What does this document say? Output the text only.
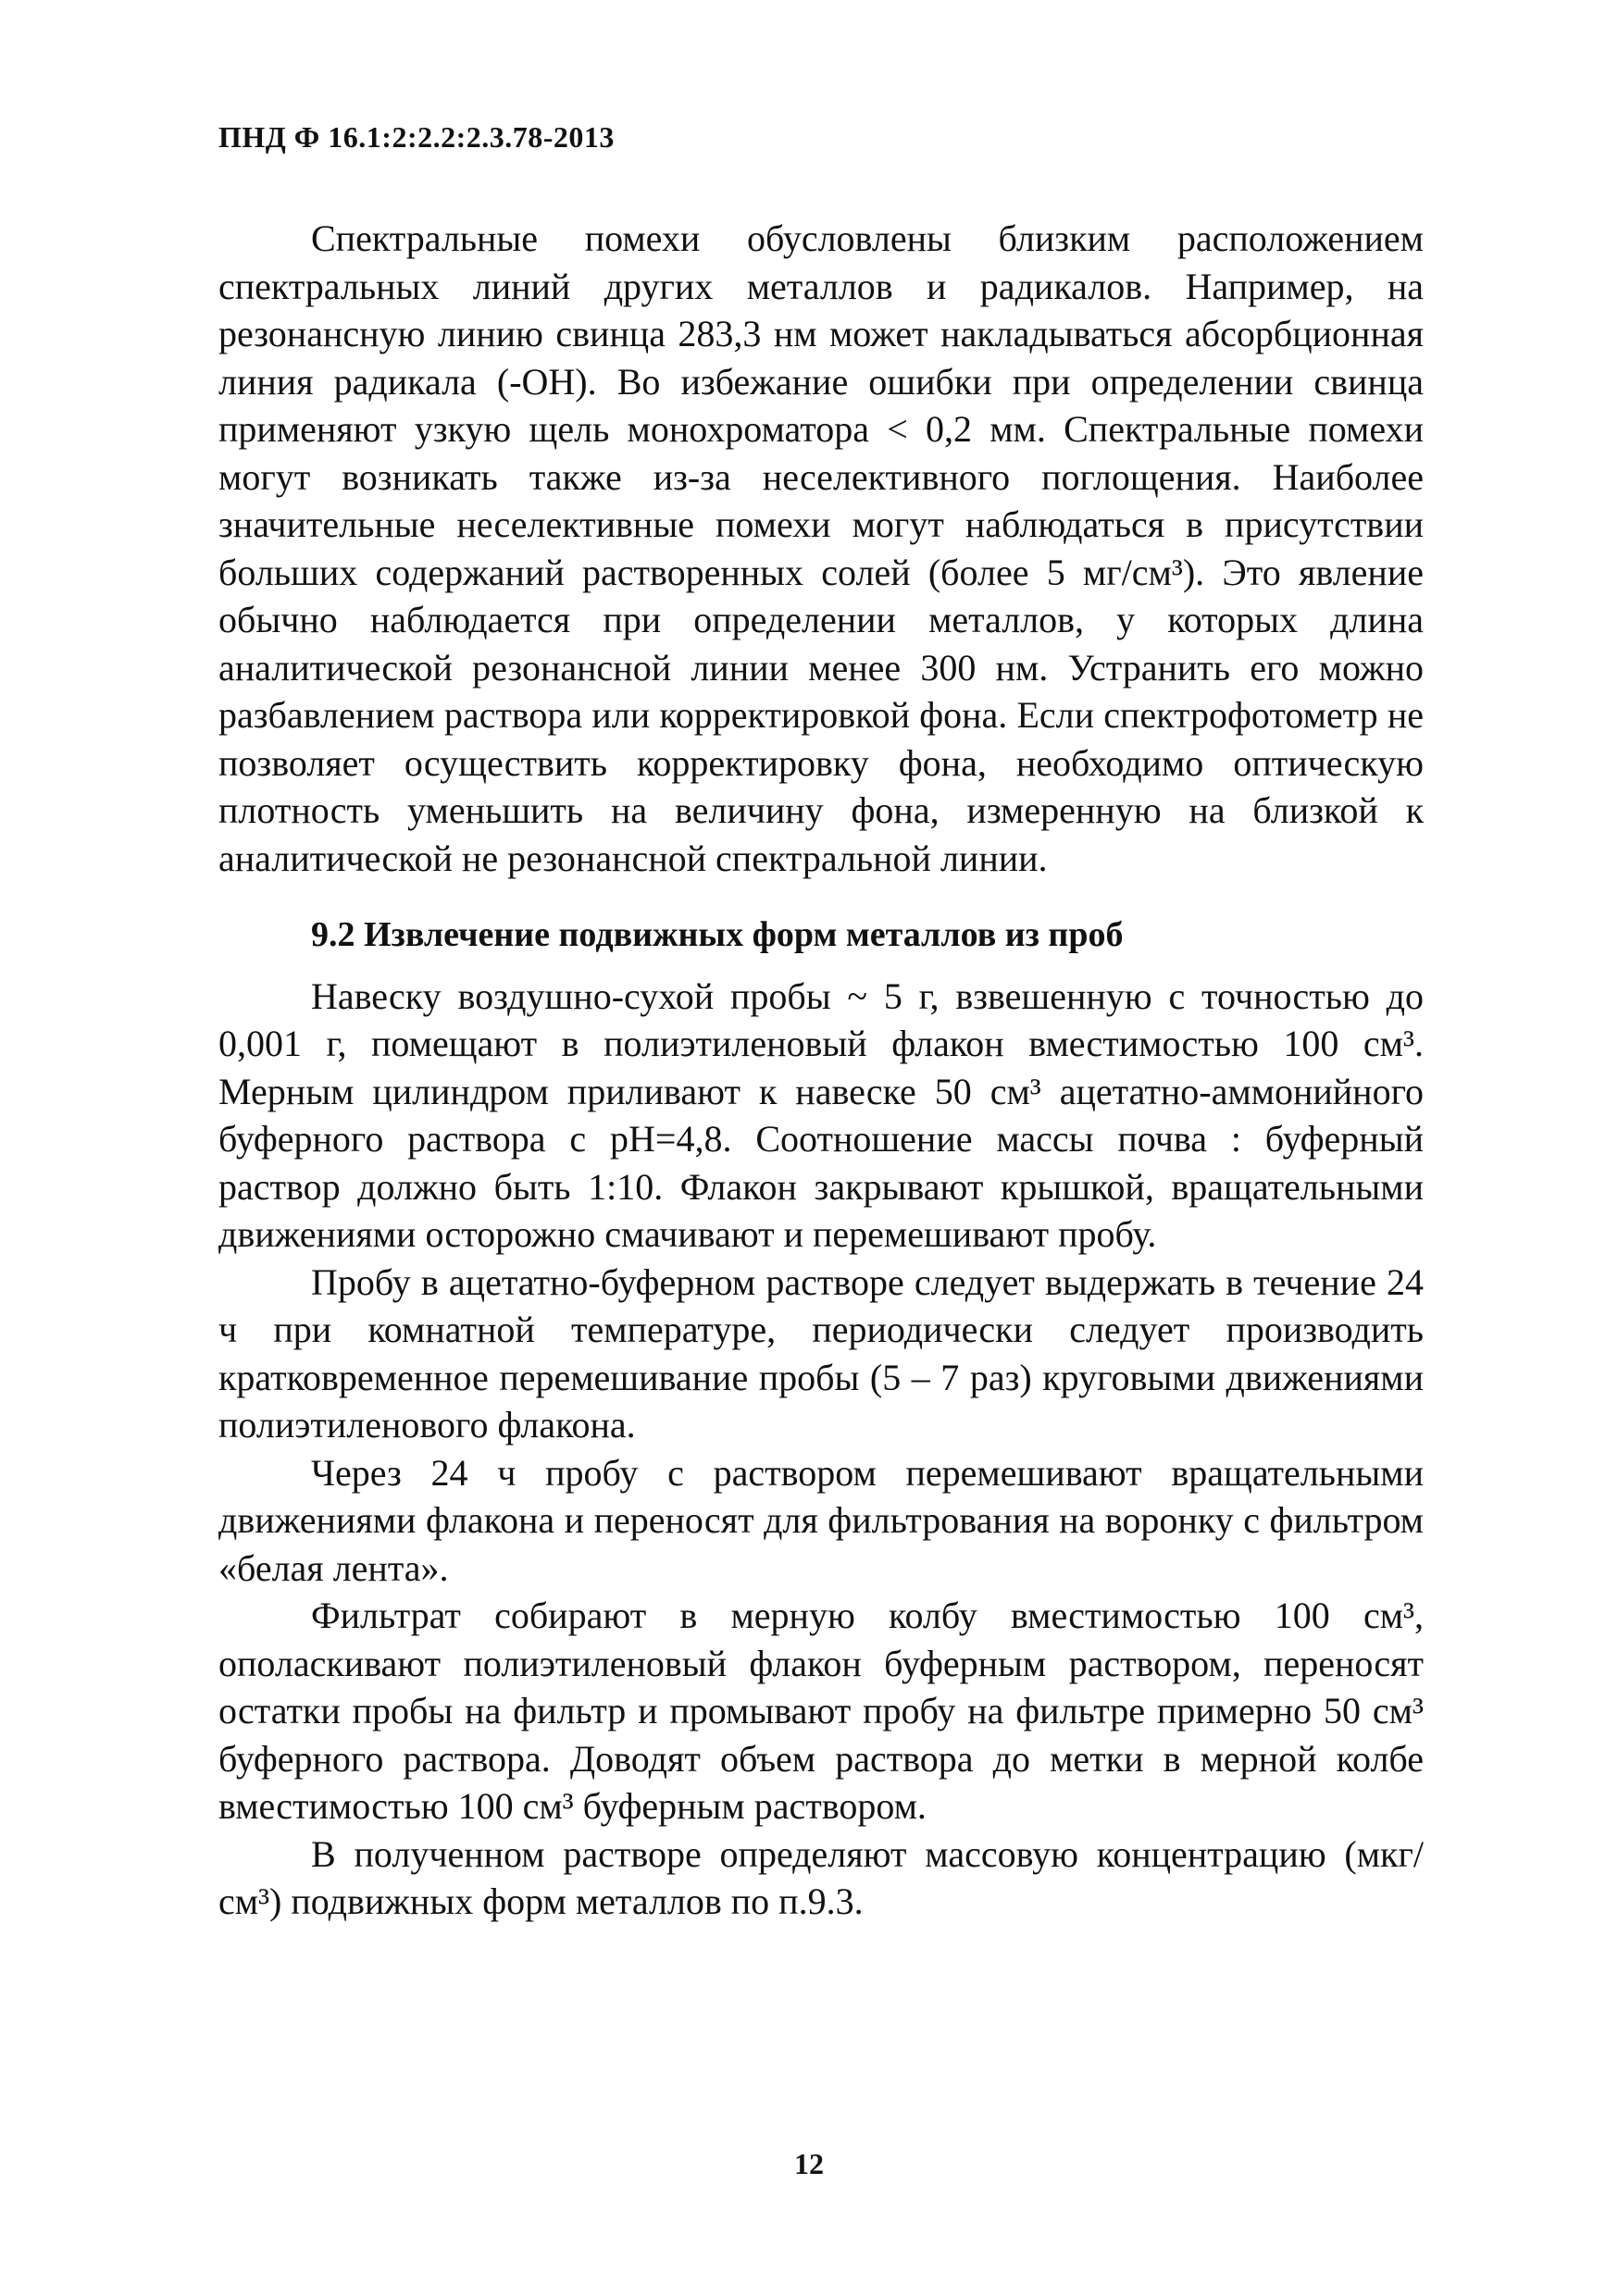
ПНД Ф 16.1:2:2.2:2.3.78-2013

Спектральные помехи обусловлены близким расположением спектральных линий других металлов и радикалов. Например, на резонансную линию свинца 283,3 нм может накладываться абсорбционная линия радикала (-ОН). Во избежание ошибки при определении свинца применяют узкую щель монохроматора < 0,2 мм. Спектральные помехи могут возникать также из-за неселективного поглощения. Наиболее значительные неселективные помехи могут наблюдаться в присутствии больших содержаний растворенных солей (более 5 мг/см³). Это явление обычно наблюдается при определении металлов, у которых длина аналитической резонансной линии менее 300 нм. Устранить его можно разбавлением раствора или корректировкой фона. Если спектрофотометр не позволяет осуществить корректировку фона, необходимо оптическую плотность уменьшить на величину фона, измеренную на близкой к аналитической не резонансной спектральной линии.

9.2 Извлечение подвижных форм металлов из проб

Навеску воздушно-сухой пробы ~ 5 г, взвешенную с точностью до 0,001 г, помещают в полиэтиленовый флакон вместимостью 100 см³. Мерным цилиндром приливают к навеске 50 см³ ацетатно-аммонийного буферного раствора с рН=4,8. Соотношение массы почва : буферный раствор должно быть 1:10. Флакон закрывают крышкой, вращательными движениями осторожно смачивают и перемешивают пробу.

Пробу в ацетатно-буферном растворе следует выдержать в течение 24 ч при комнатной температуре, периодически следует производить кратковременное перемешивание пробы (5 – 7 раз) круговыми движениями полиэтиленового флакона.

Через 24 ч пробу с раствором перемешивают вращательными движениями флакона и переносят для фильтрования на воронку с фильтром «белая лента».

Фильтрат собирают в мерную колбу вместимостью 100 см³, ополаскивают полиэтиленовый флакон буферным раствором, переносят остатки пробы на фильтр и промывают пробу на фильтре примерно 50 см³ буферного раствора. Доводят объем раствора до метки в мерной колбе вместимостью 100 см³ буферным раствором.

В полученном растворе определяют массовую концентрацию (мкг/см³) подвижных форм металлов по п.9.3.

12
